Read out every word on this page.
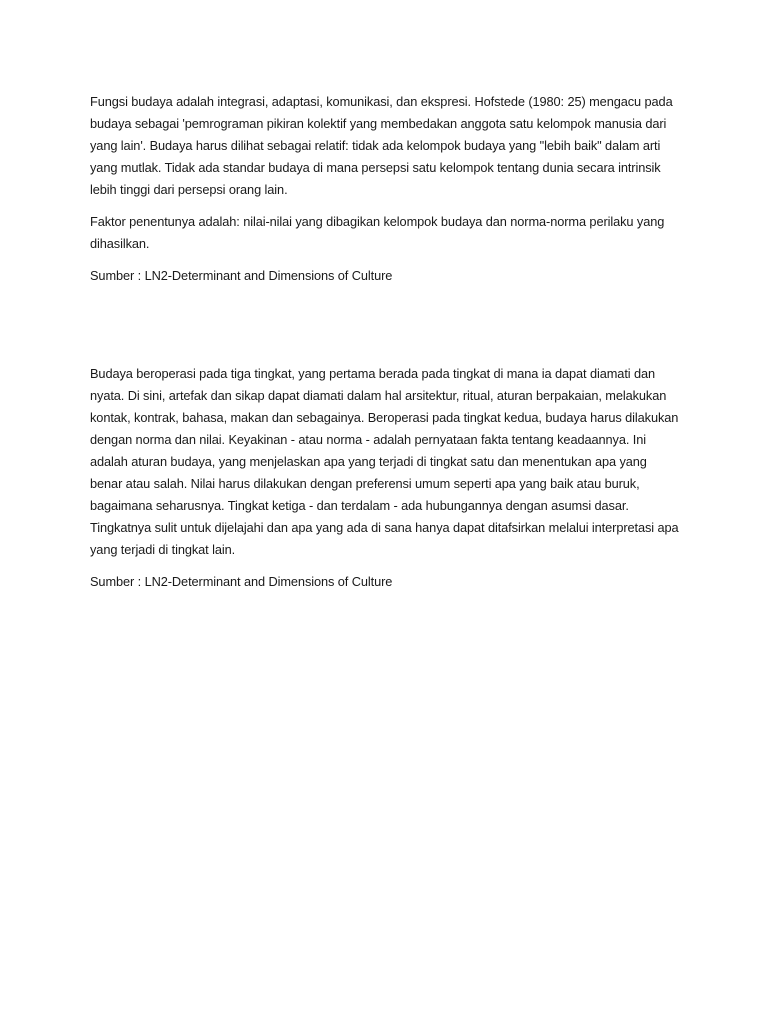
Fungsi budaya adalah integrasi, adaptasi, komunikasi, dan ekspresi. Hofstede (1980: 25) mengacu pada budaya sebagai 'pemrograman pikiran kolektif yang membedakan anggota satu kelompok manusia dari yang lain'. Budaya harus dilihat sebagai relatif: tidak ada kelompok budaya yang "lebih baik" dalam arti yang mutlak. Tidak ada standar budaya di mana persepsi satu kelompok tentang dunia secara intrinsik lebih tinggi dari persepsi orang lain.

Faktor penentunya adalah: nilai-nilai yang dibagikan kelompok budaya dan norma-norma perilaku yang dihasilkan.

Sumber : LN2-Determinant and Dimensions of Culture

Budaya beroperasi pada tiga tingkat, yang pertama berada pada tingkat di mana ia dapat diamati dan nyata. Di sini, artefak dan sikap dapat diamati dalam hal arsitektur, ritual, aturan berpakaian, melakukan kontak, kontrak, bahasa, makan dan sebagainya. Beroperasi pada tingkat kedua, budaya harus dilakukan dengan norma dan nilai. Keyakinan - atau norma - adalah pernyataan fakta tentang keadaannya. Ini adalah aturan budaya, yang menjelaskan apa yang terjadi di tingkat satu dan menentukan apa yang benar atau salah. Nilai harus dilakukan dengan preferensi umum seperti apa yang baik atau buruk, bagaimana seharusnya. Tingkat ketiga - dan terdalam - ada hubungannya dengan asumsi dasar. Tingkatnya sulit untuk dijelajahi dan apa yang ada di sana hanya dapat ditafsirkan melalui interpretasi apa yang terjadi di tingkat lain.

Sumber : LN2-Determinant and Dimensions of Culture
